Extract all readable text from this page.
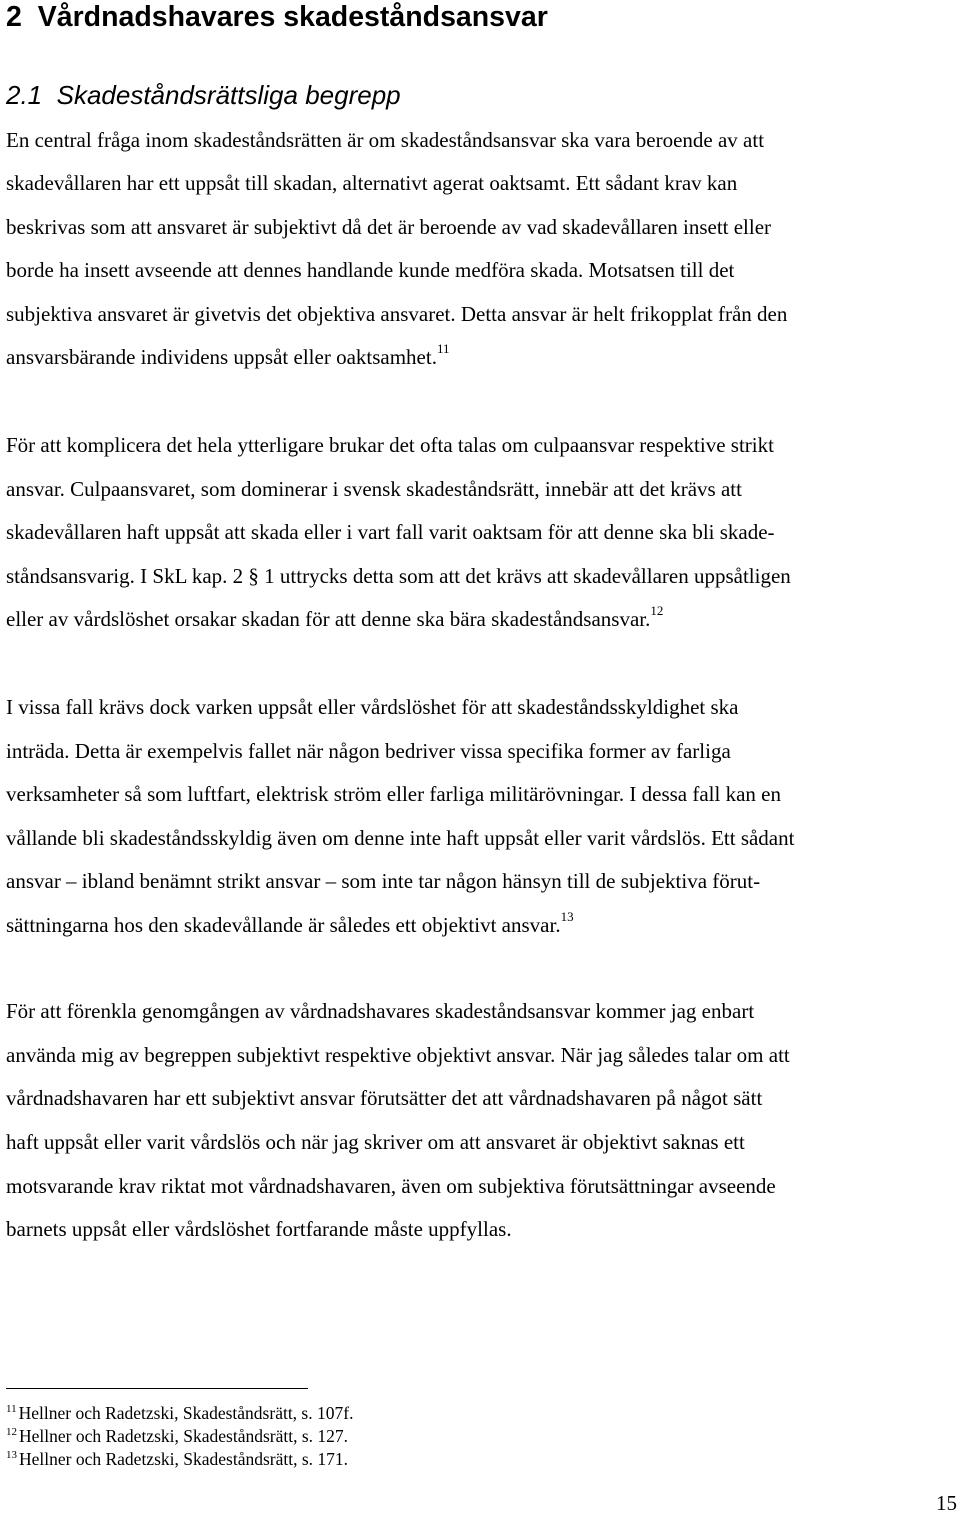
2 Vårdnadshavares skadeståndsansvar
2.1 Skadeståndsrättsliga begrepp

En central fråga inom skadeståndsrätten är om skadeståndsansvar ska vara beroende av att

skadevållaren har ett uppsåt till skadan, alternativt agerat oaktsamt. Ett sådant krav kan

beskrivas som att ansvaret är subjektivt då det är beroende av vad skadevållaren insett eller

borde ha insett avseende att dennes handlande kunde medföra skada. Motsatsen till det

subjektiva ansvaret är givetvis det objektiva ansvaret. Detta ansvar är helt frikopplat från den

ansvarsbärande individens uppsåt eller oaktsamhet.$^{11}$

För att komplicera det hela ytterligare brukar det ofta talas om culpaansvar respektive strikt

ansvar. Culpaansvaret, som dominerar i svensk skadeståndsrätt, innebär att det krävs att

skadevållaren haft uppsåt att skada eller i vart fall varit oaktsam för att denne ska bli skade-

ståndsansvarig. I SkL kap. 2 § 1 uttrycks detta som att det krävs att skadevållaren uppsåtligen

eller av vårdslöshet orsakar skadan för att denne ska bära skadeståndsansvar.$^{12}$

I vissa fall krävs dock varken uppsåt eller vårdslöshet för att skadeståndsskyldighet ska

inträda. Detta är exempelvis fallet när någon bedriver vissa specifika former av farliga

verksamheter så som luftfart, elektrisk ström eller farliga militärövningar. I dessa fall kan en

vållande bli skadeståndsskyldig även om denne inte haft uppsåt eller varit vårdslös. Ett sådant

ansvar – ibland benämnt strikt ansvar – som inte tar någon hänsyn till de subjektiva förut-

sättningarna hos den skadevållande är således ett objektivt ansvar.$^{13}$

För att förenkla genomgången av vårdnadshavares skadeståndsansvar kommer jag enbart

använda mig av begreppen subjektivt respektive objektivt ansvar. När jag således talar om att

vårdnadshavaren har ett subjektivt ansvar förutsätter det att vårdnadshavaren på något sätt

haft uppsåt eller varit vårdslös och när jag skriver om att ansvaret är objektivt saknas ett

motsvarande krav riktat mot vårdnadshavaren, även om subjektiva förutsättningar avseende

barnets uppsåt eller vårdslöshet fortfarande måste uppfyllas.

$^{11}$ Hellner och Radetzski, Skadeståndsrätt, s. 107f.

$^{12}$ Hellner och Radetzski, Skadeståndsrätt, s. 127.

$^{13}$ Hellner och Radetzski, Skadeståndsrätt, s. 171.

15
